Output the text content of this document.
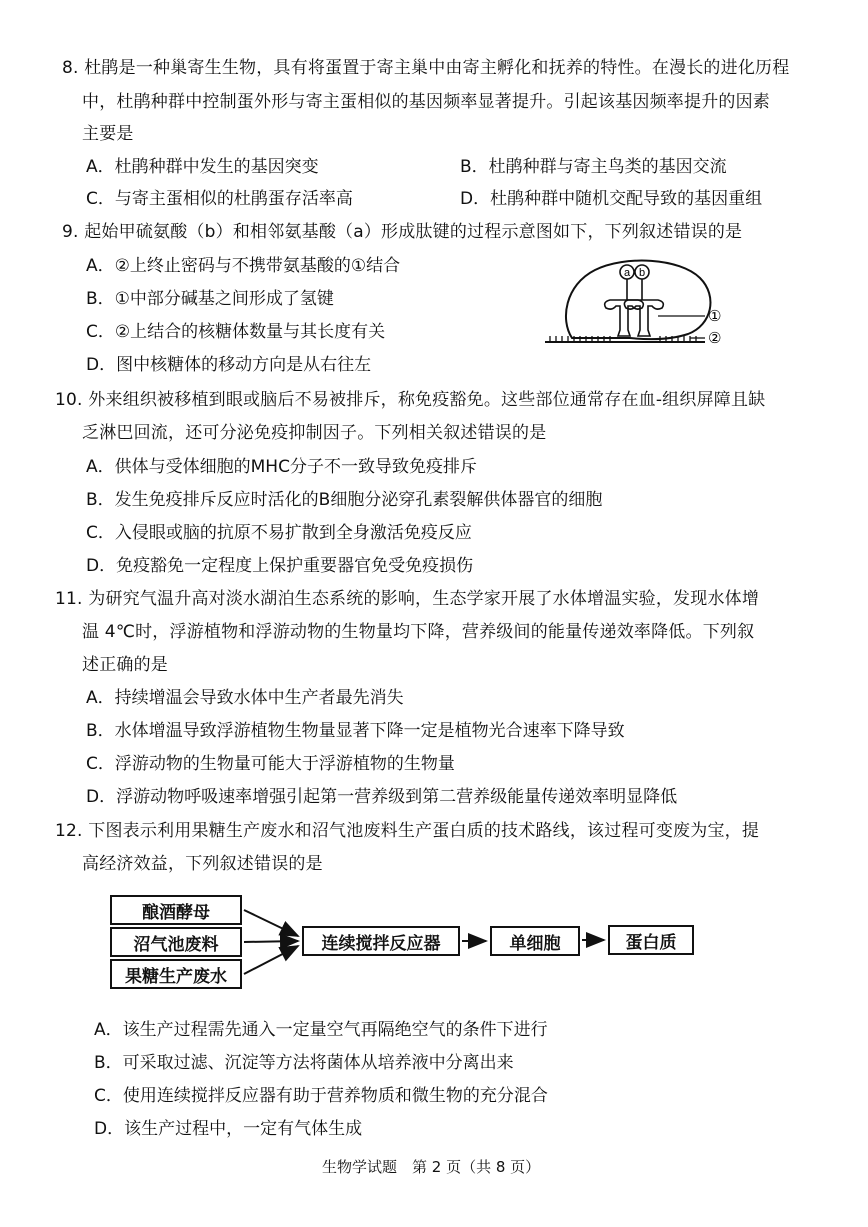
8. 杜鹃是一种巢寄生生物，具有将蛋置于寄主巢中由寄主孵化和抚养的特性。在漫长的进化历程
中，杜鹃种群中控制蛋外形与寄主蛋相似的基因频率显著提升。引起该基因频率提升的因素
主要是
A．杜鹃种群中发生的基因突变	B．杜鹃种群与寄主鸟类的基因交流
C．与寄主蛋相似的杜鹃蛋存活率高	D．杜鹃种群中随机交配导致的基因重组
9. 起始甲硫氨酸（b）和相邻氨基酸（a）形成肽键的过程示意图如下，下列叙述错误的是
A．②上终止密码与不携带氨基酸的①结合
B．①中部分碱基之间形成了氢键
C．②上结合的核糖体数量与其长度有关
D．图中核糖体的移动方向是从右往左
a b
①
②
10. 外来组织被移植到眼或脑后不易被排斥，称免疫豁免。这些部位通常存在血-组织屏障且缺
乏淋巴回流，还可分泌免疫抑制因子。下列相关叙述错误的是
A．供体与受体细胞的MHC分子不一致导致免疫排斥
B．发生免疫排斥反应时活化的B细胞分泌穿孔素裂解供体器官的细胞
C．入侵眼或脑的抗原不易扩散到全身激活免疫反应
D．免疫豁免一定程度上保护重要器官免受免疫损伤
11. 为研究气温升高对淡水湖泊生态系统的影响，生态学家开展了水体增温实验，发现水体增
温 4℃时，浮游植物和浮游动物的生物量均下降，营养级间的能量传递效率降低。下列叙
述正确的是
A．持续增温会导致水体中生产者最先消失
B．水体增温导致浮游植物生物量显著下降一定是植物光合速率下降导致
C．浮游动物的生物量可能大于浮游植物的生物量
D．浮游动物呼吸速率增强引起第一营养级到第二营养级能量传递效率明显降低
12. 下图表示利用果糖生产废水和沼气池废料生产蛋白质的技术路线，该过程可变废为宝，提
高经济效益，下列叙述错误的是
酿酒酵母
沼气池废料
果糖生产废水
连续搅拌反应器	单细胞	蛋白质
A．该生产过程需先通入一定量空气再隔绝空气的条件下进行
B．可采取过滤、沉淀等方法将菌体从培养液中分离出来
C．使用连续搅拌反应器有助于营养物质和微生物的充分混合
D．该生产过程中，一定有气体生成
生物学试题　第 2 页（共 8 页）
